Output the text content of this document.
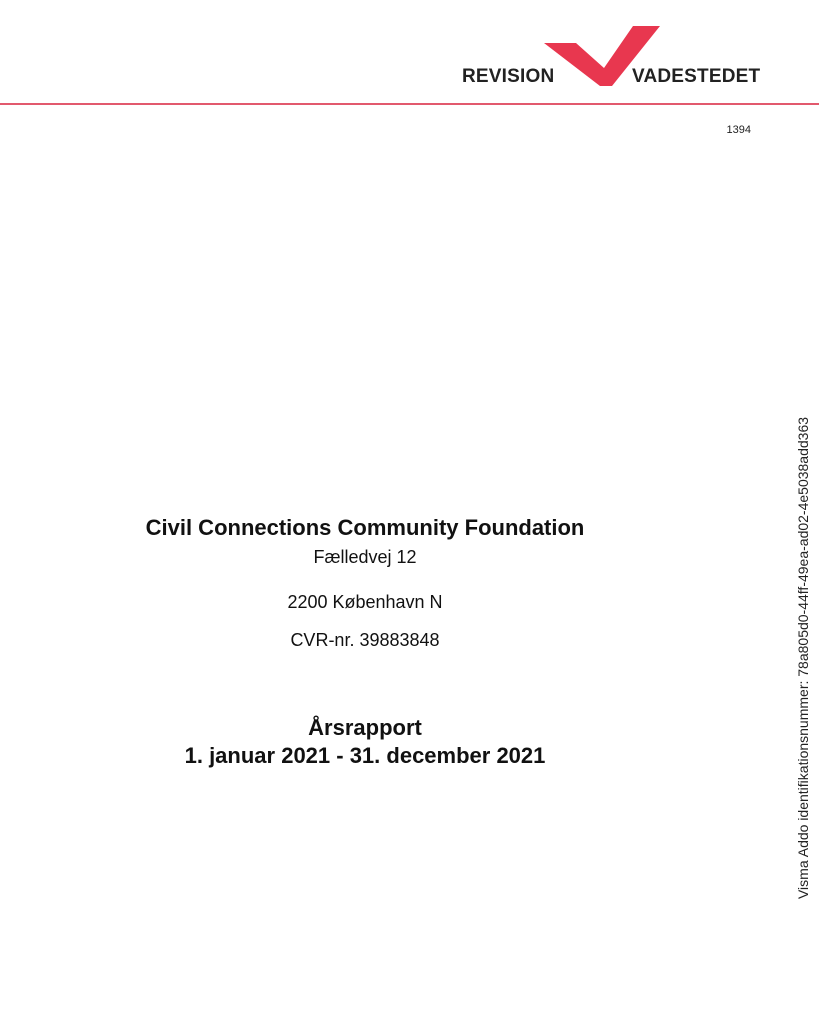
REVISION	VADESTEDET
1394
Visma Addo identifikationsnummer: 78a805d0-44ff-49ea-ad02-4e5038add363
Civil Connections Community Foundation
Fælledvej 12
2200 København N
CVR-nr. 39883848
Årsrapport
1. januar 2021 - 31. december 2021
